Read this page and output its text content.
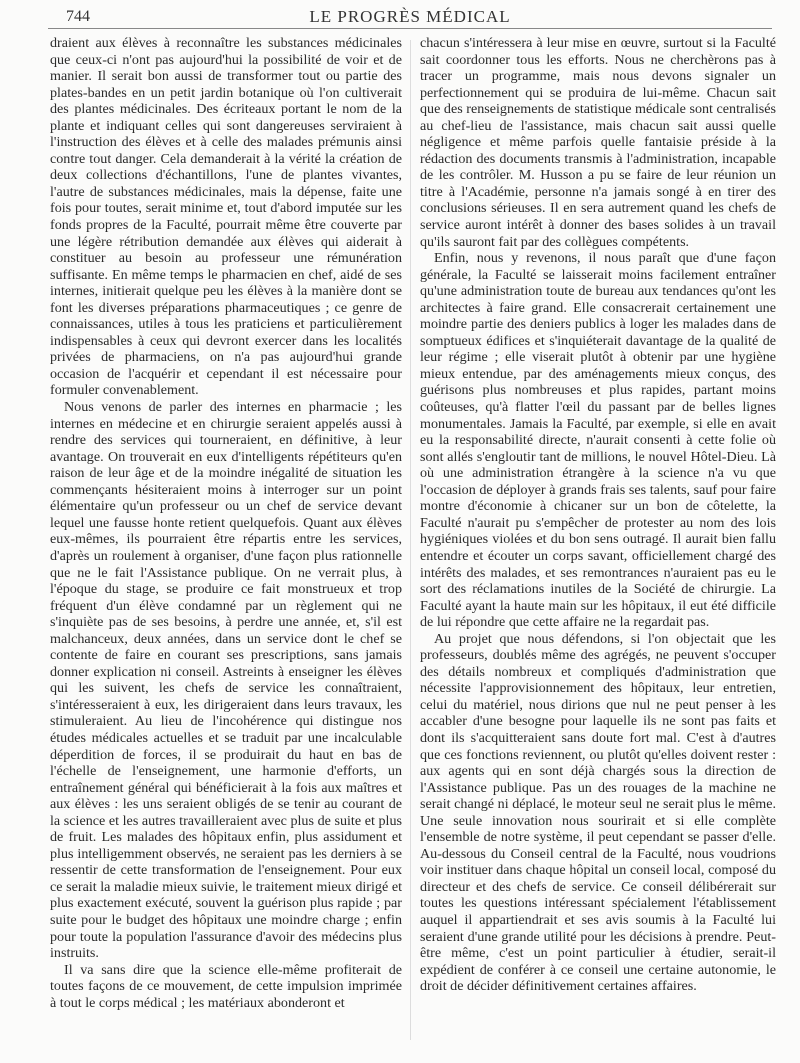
744	LE PROGRÈS MÉDICAL

draient aux élèves à reconnaître les substances médicinales que ceux-ci n'ont pas aujourd'hui la possibilité de voir et de manier. Il serait bon aussi de transformer tout ou partie des plates-bandes en un petit jardin botanique où l'on cultiverait des plantes médicinales. Des écriteaux portant le nom de la plante et indiquant celles qui sont dangereuses serviraient à l'instruction des élèves et à celle des malades prémunis ainsi contre tout danger. Cela demanderait à la vérité la création de deux collections d'échantillons, l'une de plantes vivantes, l'autre de substances médicinales, mais la dépense, faite une fois pour toutes, serait minime et, tout d'abord imputée sur les fonds propres de la Faculté, pourrait même être couverte par une légère rétribution demandée aux élèves qui aiderait à constituer au besoin au professeur une rémunération suffisante. En même temps le pharmacien en chef, aidé de ses internes, initierait quelque peu les élèves à la manière dont se font les diverses préparations pharmaceutiques ; ce genre de connaissances, utiles à tous les praticiens et particulièrement indispensables à ceux qui devront exercer dans les localités privées de pharmaciens, on n'a pas aujourd'hui grande occasion de l'acquérir et cependant il est nécessaire pour formuler convenablement.

Nous venons de parler des internes en pharmacie ; les internes en médecine et en chirurgie seraient appelés aussi à rendre des services qui tourneraient, en définitive, à leur avantage. On trouverait en eux d'intelligents répétiteurs qu'en raison de leur âge et de la moindre inégalité de situation les commençants hésiteraient moins à interroger sur un point élémentaire qu'un professeur ou un chef de service devant lequel une fausse honte retient quelquefois. Quant aux élèves eux-mêmes, ils pourraient être répartis entre les services, d'après un roulement à organiser, d'une façon plus rationnelle que ne le fait l'Assistance publique. On ne verrait plus, à l'époque du stage, se produire ce fait monstrueux et trop fréquent d'un élève condamné par un règlement qui ne s'inquiète pas de ses besoins, à perdre une année, et, s'il est malchanceux, deux années, dans un service dont le chef se contente de faire en courant ses prescriptions, sans jamais donner explication ni conseil. Astreints à enseigner les élèves qui les suivent, les chefs de service les connaîtraient, s'intéresseraient à eux, les dirigeraient dans leurs travaux, les stimuleraient. Au lieu de l'incohérence qui distingue nos études médicales actuelles et se traduit par une incalculable déperdition de forces, il se produirait du haut en bas de l'échelle de l'enseignement, une harmonie d'efforts, un entraînement général qui bénéficierait à la fois aux maîtres et aux élèves : les uns seraient obligés de se tenir au courant de la science et les autres travailleraient avec plus de suite et plus de fruit. Les malades des hôpitaux enfin, plus assidument et plus intelligemment observés, ne seraient pas les derniers à se ressentir de cette transformation de l'enseignement. Pour eux ce serait la maladie mieux suivie, le traitement mieux dirigé et plus exactement exécuté, souvent la guérison plus rapide ; par suite pour le budget des hôpitaux une moindre charge ; enfin pour toute la population l'assurance d'avoir des médecins plus instruits.

Il va sans dire que la science elle-même profiterait de toutes façons de ce mouvement, de cette impulsion imprimée à tout le corps médical ; les matériaux abonderont et

chacun s'intéressera à leur mise en œuvre, surtout si la Faculté sait coordonner tous les efforts. Nous ne cherchèrons pas à tracer un programme, mais nous devons signaler un perfectionnement qui se produira de lui-même. Chacun sait que des renseignements de statistique médicale sont centralisés au chef-lieu de l'assistance, mais chacun sait aussi quelle négligence et même parfois quelle fantaisie préside à la rédaction des documents transmis à l'administration, incapable de les contrôler. M. Husson a pu se faire de leur réunion un titre à l'Académie, personne n'a jamais songé à en tirer des conclusions sérieuses. Il en sera autrement quand les chefs de service auront intérêt à donner des bases solides à un travail qu'ils sauront fait par des collègues compétents.

Enfin, nous y revenons, il nous paraît que d'une façon générale, la Faculté se laisserait moins facilement entraîner qu'une administration toute de bureau aux tendances qu'ont les architectes à faire grand. Elle consacrerait certainement une moindre partie des deniers publics à loger les malades dans de somptueux édifices et s'inquiéterait davantage de la qualité de leur régime ; elle viserait plutôt à obtenir par une hygiène mieux entendue, par des aménagements mieux conçus, des guérisons plus nombreuses et plus rapides, partant moins coûteuses, qu'à flatter l'œil du passant par de belles lignes monumentales. Jamais la Faculté, par exemple, si elle en avait eu la responsabilité directe, n'aurait consenti à cette folie où sont allés s'engloutir tant de millions, le nouvel Hôtel-Dieu. Là où une administration étrangère à la science n'a vu que l'occasion de déployer à grands frais ses talents, sauf pour faire montre d'économie à chicaner sur un bon de côtelette, la Faculté n'aurait pu s'empêcher de protester au nom des lois hygiéniques violées et du bon sens outragé. Il aurait bien fallu entendre et écouter un corps savant, officiellement chargé des intérêts des malades, et ses remontrances n'auraient pas eu le sort des réclamations inutiles de la Société de chirurgie. La Faculté ayant la haute main sur les hôpitaux, il eut été difficile de lui répondre que cette affaire ne la regardait pas.

Au projet que nous défendons, si l'on objectait que les professeurs, doublés même des agrégés, ne peuvent s'occuper des détails nombreux et compliqués d'administration que nécessite l'approvisionnement des hôpitaux, leur entretien, celui du matériel, nous dirions que nul ne peut penser à les accabler d'une besogne pour laquelle ils ne sont pas faits et dont ils s'acquitteraient sans doute fort mal. C'est à d'autres que ces fonctions reviennent, ou plutôt qu'elles doivent rester : aux agents qui en sont déjà chargés sous la direction de l'Assistance publique. Pas un des rouages de la machine ne serait changé ni déplacé, le moteur seul ne serait plus le même. Une seule innovation nous sourirait et si elle complète l'ensemble de notre système, il peut cependant se passer d'elle. Au-dessous du Conseil central de la Faculté, nous voudrions voir instituer dans chaque hôpital un conseil local, composé du directeur et des chefs de service. Ce conseil délibérerait sur toutes les questions intéressant spécialement l'établissement auquel il appartiendrait et ses avis soumis à la Faculté lui seraient d'une grande utilité pour les décisions à prendre. Peut-être même, c'est un point particulier à étudier, serait-il expédient de conférer à ce conseil une certaine autonomie, le droit de décider définitivement certaines affaires.
